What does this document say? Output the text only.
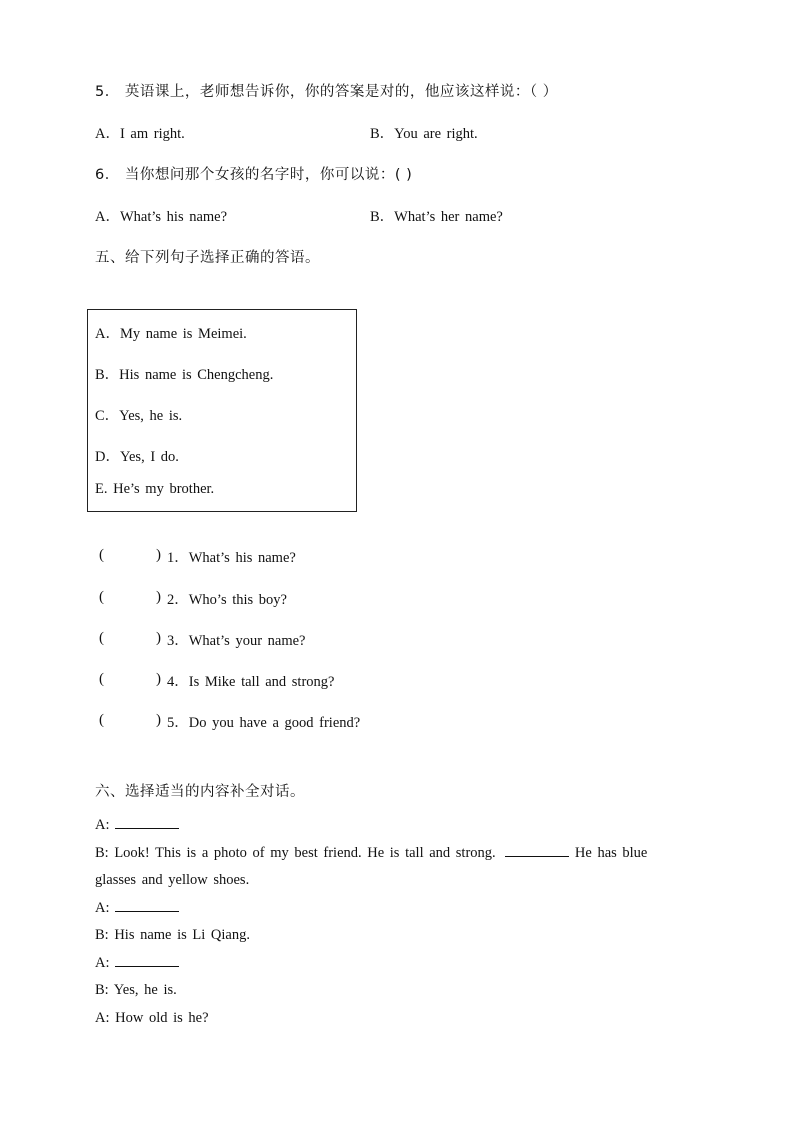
5． 英语课上，老师想告诉你，你的答案是对的，他应该这样说：（ ）
A．I am right.	B．You are right.
6． 当你想问那个女孩的名字时，你可以说：( )
A．What’s his name?	B．What’s her name?
五、给下列句子选择正确的答语。
A．My name is Meimei.
B．His name is Chengcheng.
C．Yes, he is.
D．Yes, I do.
E. He’s my brother.
(	) 1．What’s his name?
(	) 2．Who’s this boy?
(	) 3．What’s your name?
(	) 4．Is Mike tall and strong?
(	) 5．Do you have a good friend?
六、选择适当的内容补全对话。
A:
B: Look! This is a photo of my best friend. He is tall and strong.	He has blue
glasses and yellow shoes.
A:
B: His name is Li Qiang.
A:
B: Yes, he is.
A: How old is he?
